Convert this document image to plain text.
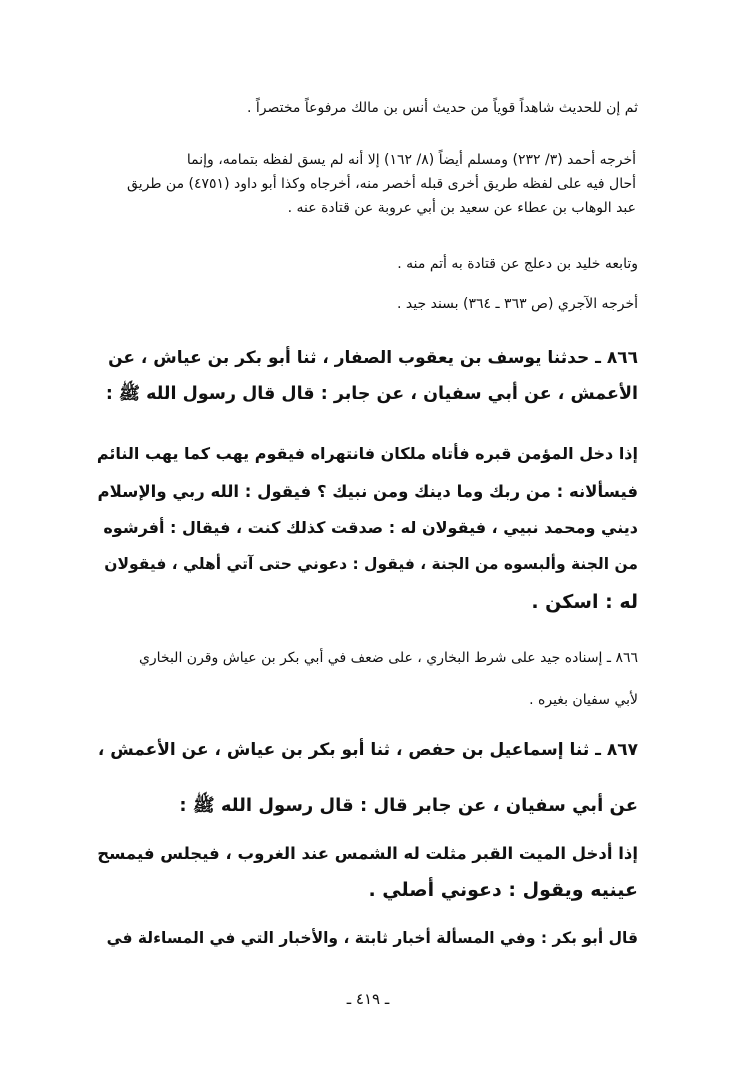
ثم إن للحديث شاهداً قوياً من حديث أنس بن مالك مرفوعاً مختصراً .
أخرجه أحمد (٣/ ٢٣٢) ومسلم أيضاً (٨/ ١٦٢) إلا أنه لم يسق لفظه بتمامه، وإنما
أحال فيه على لفظه طريق أخرى قبله أخصر منه، أخرجاه وكذا أبو داود (٤٧٥١) من طريق
عبد الوهاب بن عطاء عن سعيد بن أبي عروبة عن قتادة عنه .
وتابعه خليد بن دعلج عن قتادة به أتم منه .
أخرجه الآجري (ص ٣٦٣ ـ ٣٦٤) بسند جيد .
٨٦٦ ـ حدثنا يوسف بن يعقوب الصفار ، ثنا أبو بكر بن عياش ، عن
الأعمش ، عن أبي سفيان ، عن جابر : قال قال رسول الله ﷺ :
إذا دخل المؤمن قبره فأتاه ملكان فانتهراه فيقوم يهب كما يهب النائم
فيسألانه : من ربك وما دينك ومن نبيك ؟ فيقول : الله ربي والإسلام
ديني ومحمد نبيي ، فيقولان له : صدقت كذلك كنت ، فيقال : أفرشوه
من الجنة وألبسوه من الجنة ، فيقول : دعوني حتى آتي أهلي ، فيقولان
له : اسكن .
٨٦٦ ـ إسناده جيد على شرط البخاري ، على ضعف في أبي بكر بن عياش وقرن البخاري
لأبي سفيان بغيره .
٨٦٧ ـ ثنا إسماعيل بن حفص ، ثنا أبو بكر بن عياش ، عن الأعمش ،
عن أبي سفيان ، عن جابر قال : قال رسول الله ﷺ :
إذا أدخل الميت القبر مثلت له الشمس عند الغروب ، فيجلس فيمسح
عينيه ويقول : دعوني أصلي .
قال أبو بكر : وفي المسألة أخبار ثابتة ، والأخبار التي في المساءلة في
ـ ٤١٩ ـ
